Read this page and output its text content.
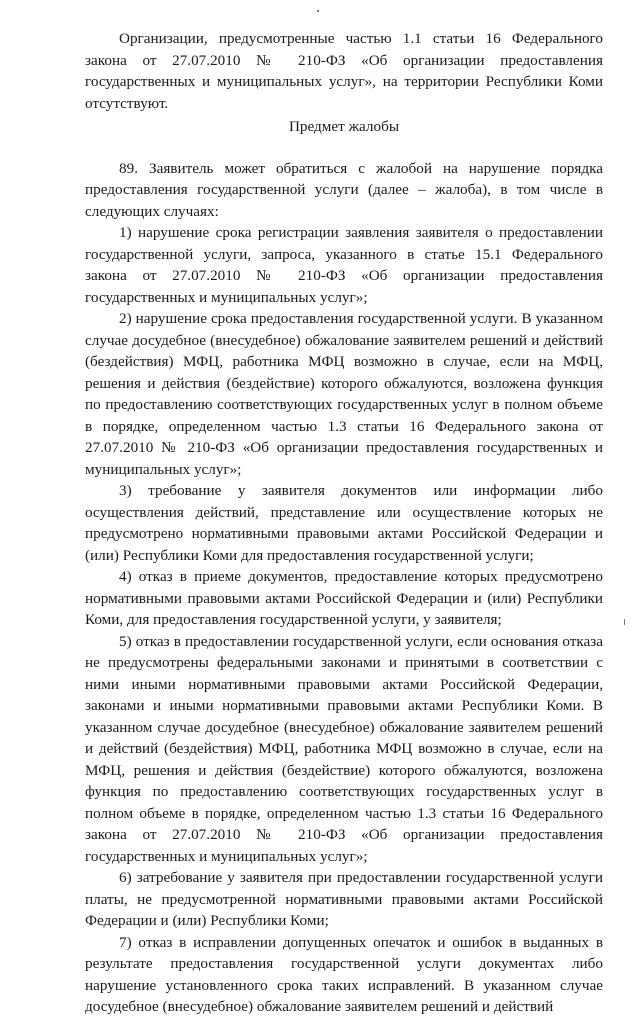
Организации, предусмотренные частью 1.1 статьи 16 Федерального закона от 27.07.2010 № 210-ФЗ «Об организации предоставления государственных и муниципальных услуг», на территории Республики Коми отсутствуют.

Предмет жалобы

89. Заявитель может обратиться с жалобой на нарушение порядка предоставления государственной услуги (далее – жалоба), в том числе в следующих случаях:

1) нарушение срока регистрации заявления заявителя о предоставлении государственной услуги, запроса, указанного в статье 15.1 Федерального закона от 27.07.2010 № 210-ФЗ «Об организации предоставления государственных и муниципальных услуг»;

2) нарушение срока предоставления государственной услуги. В указанном случае досудебное (внесудебное) обжалование заявителем решений и действий (бездействия) МФЦ, работника МФЦ возможно в случае, если на МФЦ, решения и действия (бездействие) которого обжалуются, возложена функция по предоставлению соответствующих государственных услуг в полном объеме в порядке, определенном частью 1.3 статьи 16 Федерального закона от 27.07.2010 № 210-ФЗ «Об организации предоставления государственных и муниципальных услуг»;

3) требование у заявителя документов или информации либо осуществления действий, представление или осуществление которых не предусмотрено нормативными правовыми актами Российской Федерации и (или) Республики Коми для предоставления государственной услуги;

4) отказ в приеме документов, предоставление которых предусмотрено нормативными правовыми актами Российской Федерации и (или) Республики Коми, для предоставления государственной услуги, у заявителя;

5) отказ в предоставлении государственной услуги, если основания отказа не предусмотрены федеральными законами и принятыми в соответствии с ними иными нормативными правовыми актами Российской Федерации, законами и иными нормативными правовыми актами Республики Коми. В указанном случае досудебное (внесудебное) обжалование заявителем решений и действий (бездействия) МФЦ, работника МФЦ возможно в случае, если на МФЦ, решения и действия (бездействие) которого обжалуются, возложена функция по предоставлению соответствующих государственных услуг в полном объеме в порядке, определенном частью 1.3 статьи 16 Федерального закона от 27.07.2010 № 210-ФЗ «Об организации предоставления государственных и муниципальных услуг»;

6) затребование у заявителя при предоставлении государственной услуги платы, не предусмотренной нормативными правовыми актами Российской Федерации и (или) Республики Коми;

7) отказ в исправлении допущенных опечаток и ошибок в выданных в результате предоставления государственной услуги документах либо нарушение установленного срока таких исправлений. В указанном случае досудебное (внесудебное) обжалование заявителем решений и действий
